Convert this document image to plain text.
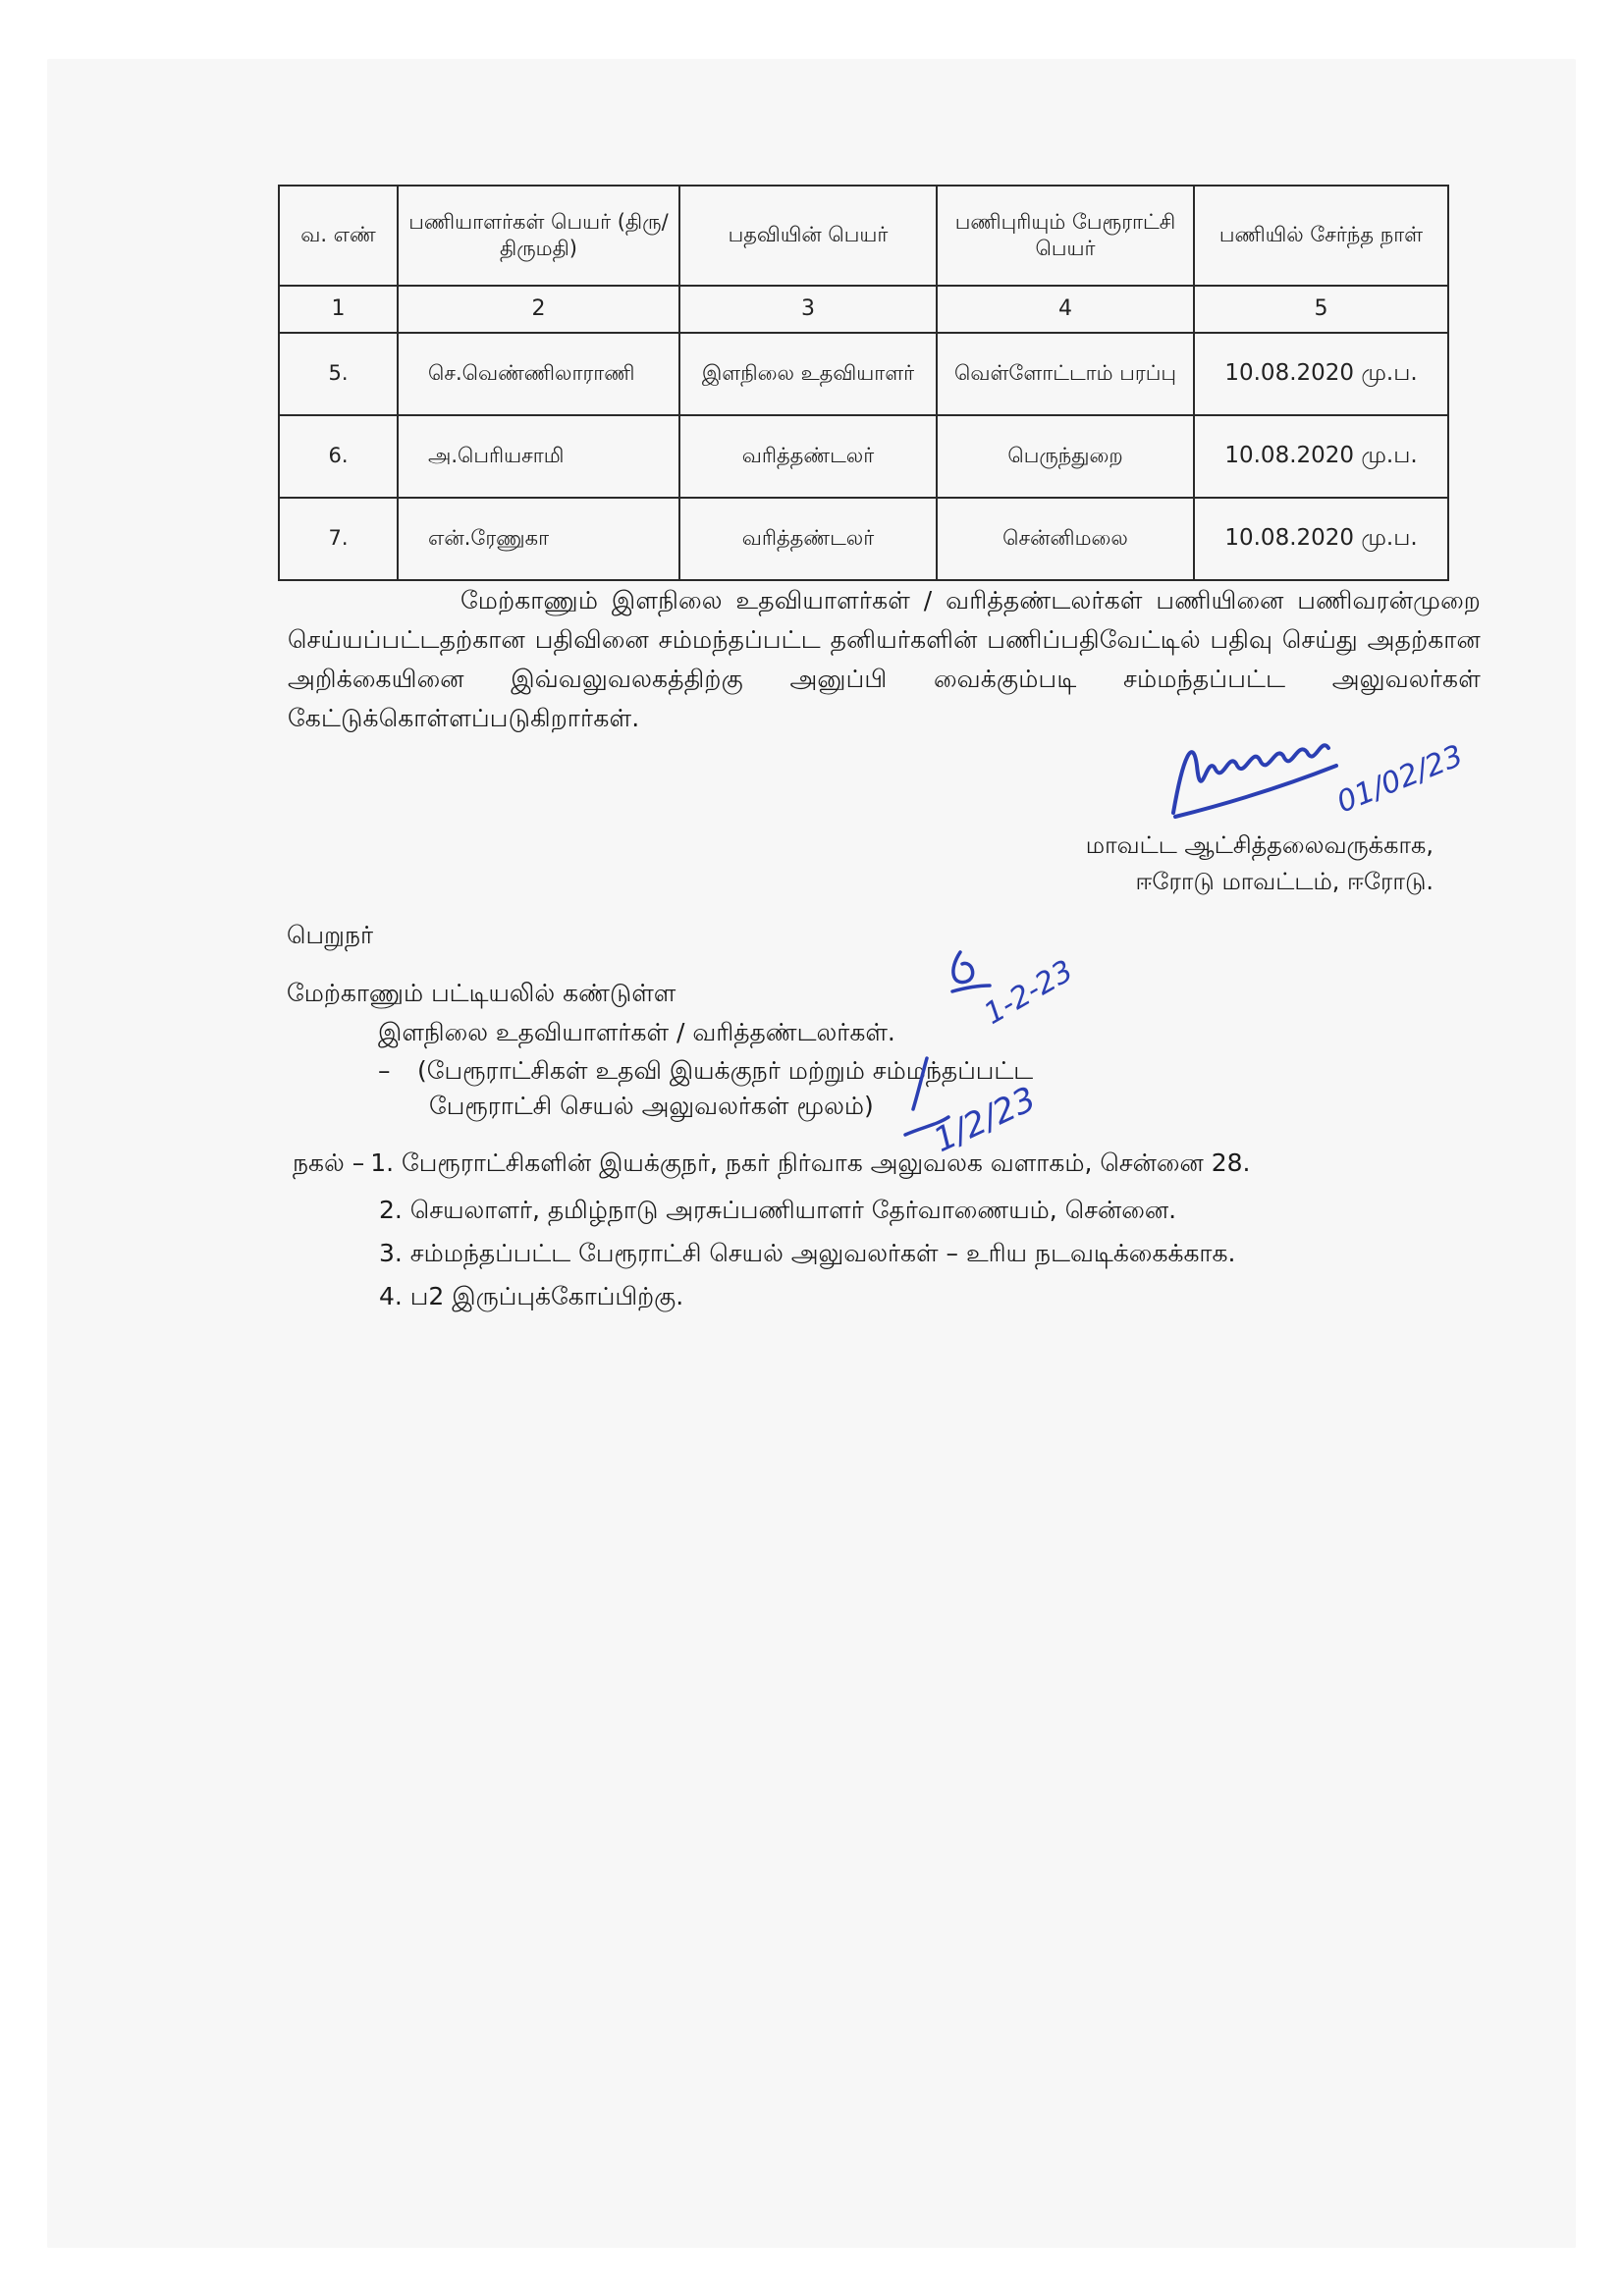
வ. எண்	பணியாளர்கள் பெயர் (திரு/திருமதி)	பதவியின் பெயர்	பணிபுரியும் பேரூராட்சி பெயர்	பணியில் சேர்ந்த நாள்
1	2	3	4	5
5.	செ.வெண்ணிலாராணி	இளநிலை உதவியாளர்	வெள்ளோட்டாம் பரப்பு	10.08.2020 மு.ப.
6.	அ.பெரியசாமி	வரித்தண்டலர்	பெருந்துறை	10.08.2020 மு.ப.
7.	என்.ரேணுகா	வரித்தண்டலர்	சென்னிமலை	10.08.2020 மு.ப.

மேற்காணும் இளநிலை உதவியாளர்கள் / வரித்தண்டலர்கள் பணியினை பணிவரன்முறை செய்யப்பட்டதற்கான பதிவினை சம்மந்தப்பட்ட தனியர்களின் பணிப்பதிவேட்டில் பதிவு செய்து அதற்கான அறிக்கையினை இவ்வலுவலகத்திற்கு அனுப்பி வைக்கும்படி சம்மந்தப்பட்ட அலுவலர்கள் கேட்டுக்கொள்ளப்படுகிறார்கள்.

01/02/23
மாவட்ட ஆட்சித்தலைவருக்காக,
ஈரோடு மாவட்டம், ஈரோடு.
பெறுநர்
மேற்காணும் பட்டியலில் கண்டுள்ள
இளநிலை உதவியாளர்கள் / வரித்தண்டலர்கள்.
– (பேரூராட்சிகள் உதவி இயக்குநர் மற்றும் சம்மந்தப்பட்ட
பேரூராட்சி செயல் அலுவலர்கள் மூலம்)
1-2-23
1/2/23
நகல் – 1. பேரூராட்சிகளின் இயக்குநர், நகர் நிர்வாக அலுவலக வளாகம், சென்னை 28.
2. செயலாளர், தமிழ்நாடு அரசுப்பணியாளர் தேர்வாணையம், சென்னை.
3. சம்மந்தப்பட்ட பேரூராட்சி செயல் அலுவலர்கள் – உரிய நடவடிக்கைக்காக.
4. ப2 இருப்புக்கோப்பிற்கு.
